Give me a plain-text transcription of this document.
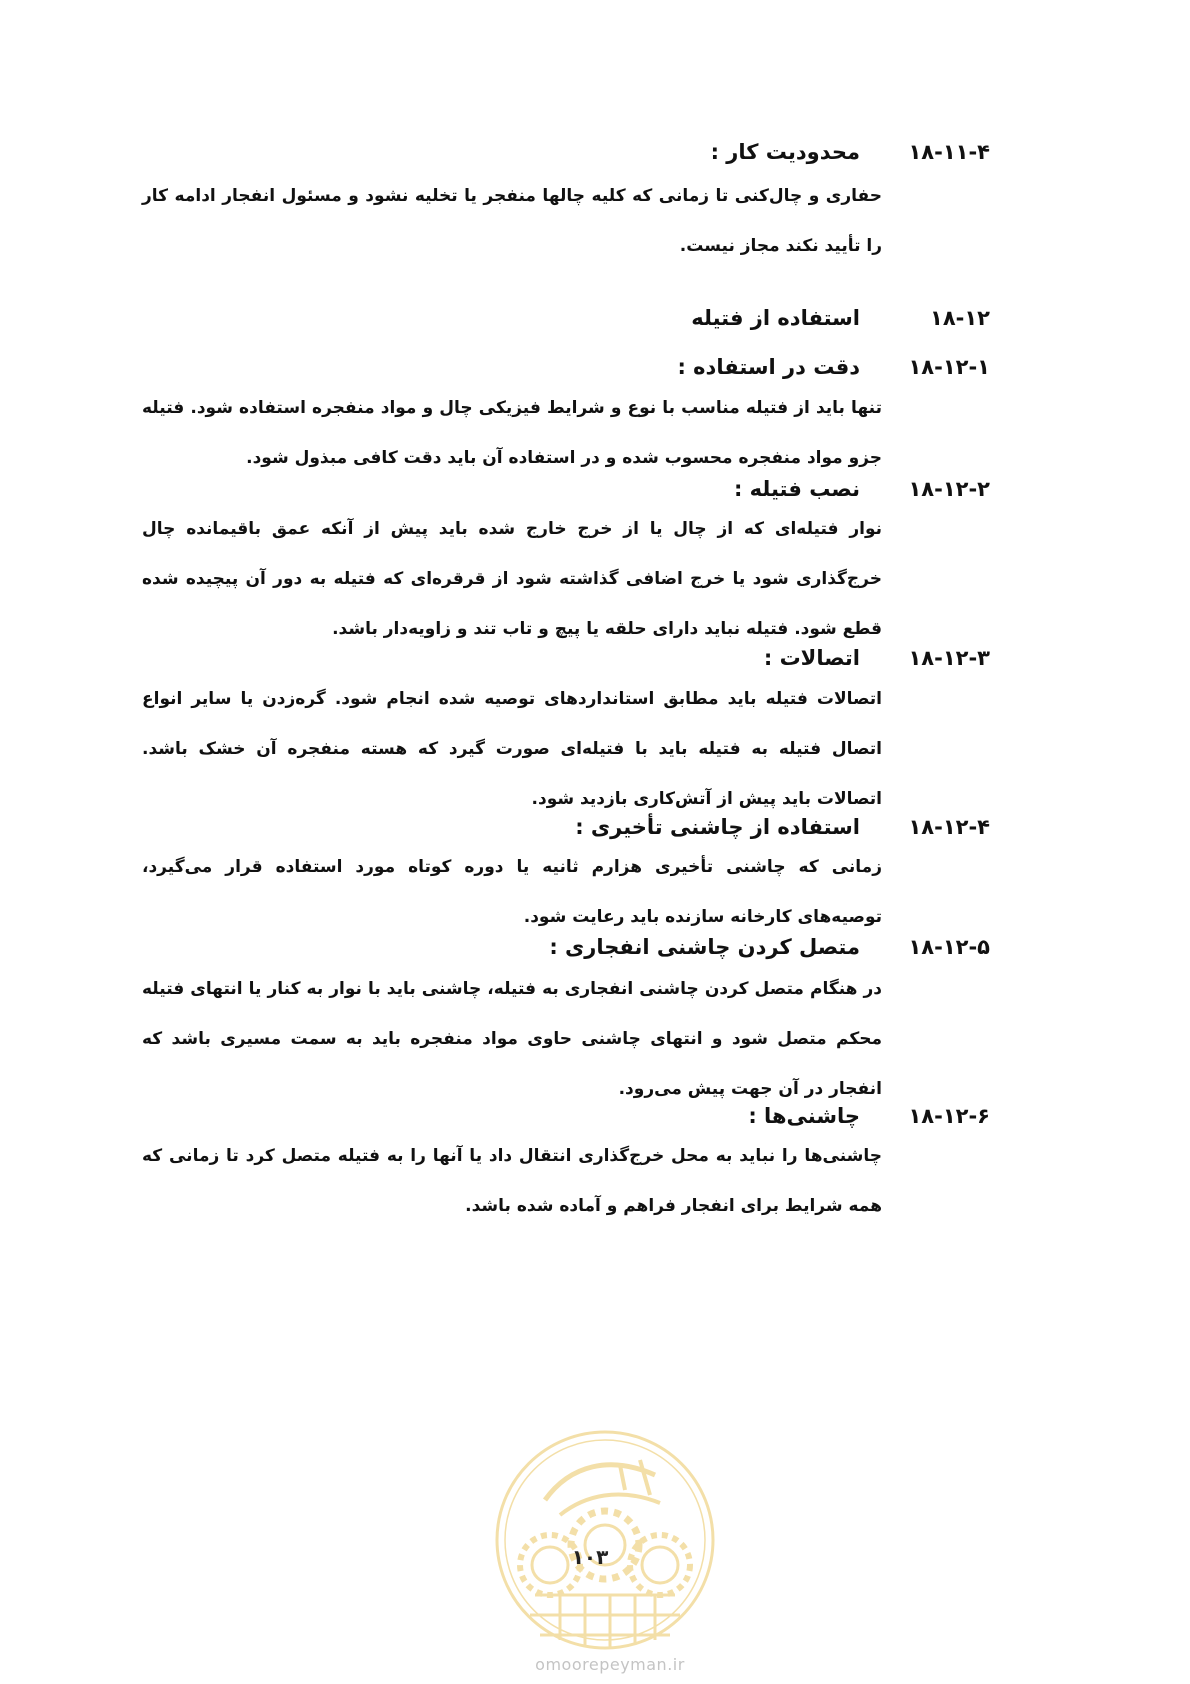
۱۸-۱۱-۴
محدودیت کار :
حفاری و چال‌کنی تا زمانی که کلیه چالها منفجر یا تخلیه نشود و مسئول انفجار ادامه کار را تأیید نکند مجاز نیست.
۱۸-۱۲
استفاده از فتیله
۱۸-۱۲-۱
دقت در استفاده :
تنها باید از فتیله مناسب با نوع و شرایط فیزیکی چال و مواد منفجره استفاده شود. فتیله جزو مواد منفجره محسوب شده و در استفاده آن باید دقت کافی مبذول شود.
۱۸-۱۲-۲
نصب فتیله :
نوار فتیله‌ای که از چال یا از خرج خارج شده باید پیش از آنکه عمق باقیمانده چال خرج‌گذاری شود یا خرج اضافی گذاشته شود از قرقره‌ای که فتیله به دور آن پیچیده شده قطع شود. فتیله نباید دارای حلقه یا پیچ و تاب تند و زاویه‌دار باشد.
۱۸-۱۲-۳
اتصالات :
اتصالات فتیله باید مطابق استانداردهای توصیه شده انجام شود. گره‌زدن یا سایر انواع اتصال فتیله به فتیله باید با فتیله‌ای صورت گیرد که هسته منفجره آن خشک باشد. اتصالات باید پیش از آتش‌کاری بازدید شود.
۱۸-۱۲-۴
استفاده از چاشنی تأخیری :
زمانی که چاشنی تأخیری هزارم ثانیه یا دوره کوتاه مورد استفاده قرار می‌گیرد، توصیه‌های کارخانه سازنده باید رعایت شود.
۱۸-۱۲-۵
متصل کردن چاشنی انفجاری :
در هنگام متصل کردن چاشنی انفجاری به فتیله، چاشنی باید با نوار به کنار یا انتهای فتیله محکم متصل شود و انتهای چاشنی حاوی مواد منفجره باید به سمت مسیری باشد که انفجار در آن جهت پیش می‌رود.
۱۸-۱۲-۶
چاشنی‌ها :
چاشنی‌ها را نباید به محل خرج‌گذاری انتقال داد یا آنها را به فتیله متصل کرد تا زمانی که همه شرایط برای انفجار فراهم و آماده شده باشد.
۱۰۳
omoorepeyman.ir
